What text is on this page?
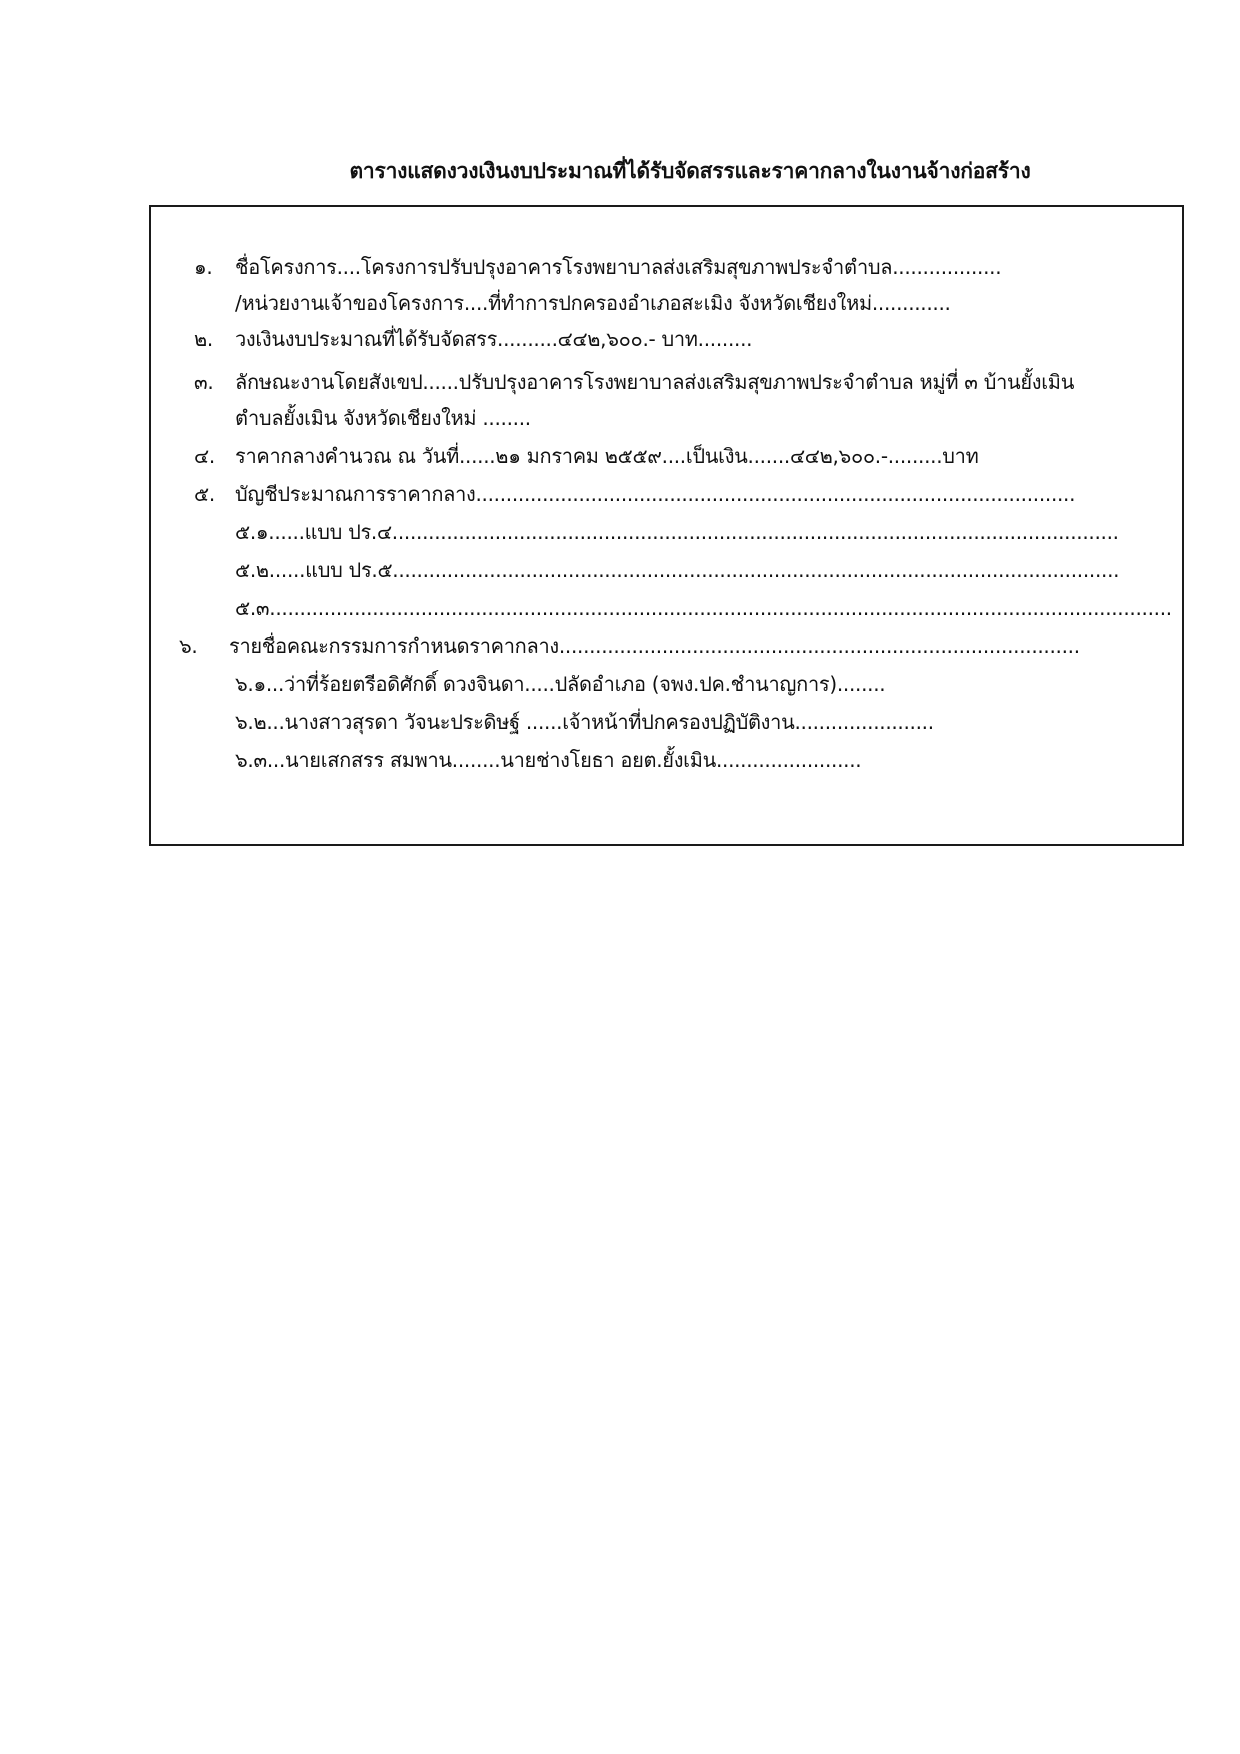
ตารางแสดงวงเงินงบประมาณที่ได้รับจัดสรรและราคากลางในงานจ้างก่อสร้าง
๑.	ชื่อโครงการ....โครงการปรับปรุงอาคารโรงพยาบาลส่งเสริมสุขภาพประจำตำบล..................
/หน่วยงานเจ้าของโครงการ....ที่ทำการปกครองอำเภอสะเมิง จังหวัดเชียงใหม่.............
๒.	วงเงินงบประมาณที่ได้รับจัดสรร..........๔๔๒,๖๐๐.- บาท.........
๓.	ลักษณะงานโดยสังเขป......ปรับปรุงอาคารโรงพยาบาลส่งเสริมสุขภาพประจำตำบล หมู่ที่ ๓ บ้านยั้งเมิน
ตำบลยั้งเมิน จังหวัดเชียงใหม่ ........
๔.	ราคากลางคำนวณ ณ วันที่......๒๑ มกราคม ๒๕๕๙....เป็นเงิน.......๔๔๒,๖๐๐.-.........บาท
๕.	บัญชีประมาณการราคากลาง...................................................................................................
๕.๑......แบบ ปร.๔........................................................................................................................
๕.๒......แบบ ปร.๕........................................................................................................................
๕.๓.....................................................................................................................................................
๖.	รายชื่อคณะกรรมการกำหนดราคากลาง......................................................................................
๖.๑...ว่าที่ร้อยตรีอดิศักดิ์ ดวงจินดา.....ปลัดอำเภอ (จพง.ปค.ชำนาญการ)........
๖.๒...นางสาวสุรดา วัจนะประดิษฐ์ ......เจ้าหน้าที่ปกครองปฏิบัติงาน.......................
๖.๓...นายเสกสรร สมพาน........นายช่างโยธา อยต.ยั้งเมิน........................
